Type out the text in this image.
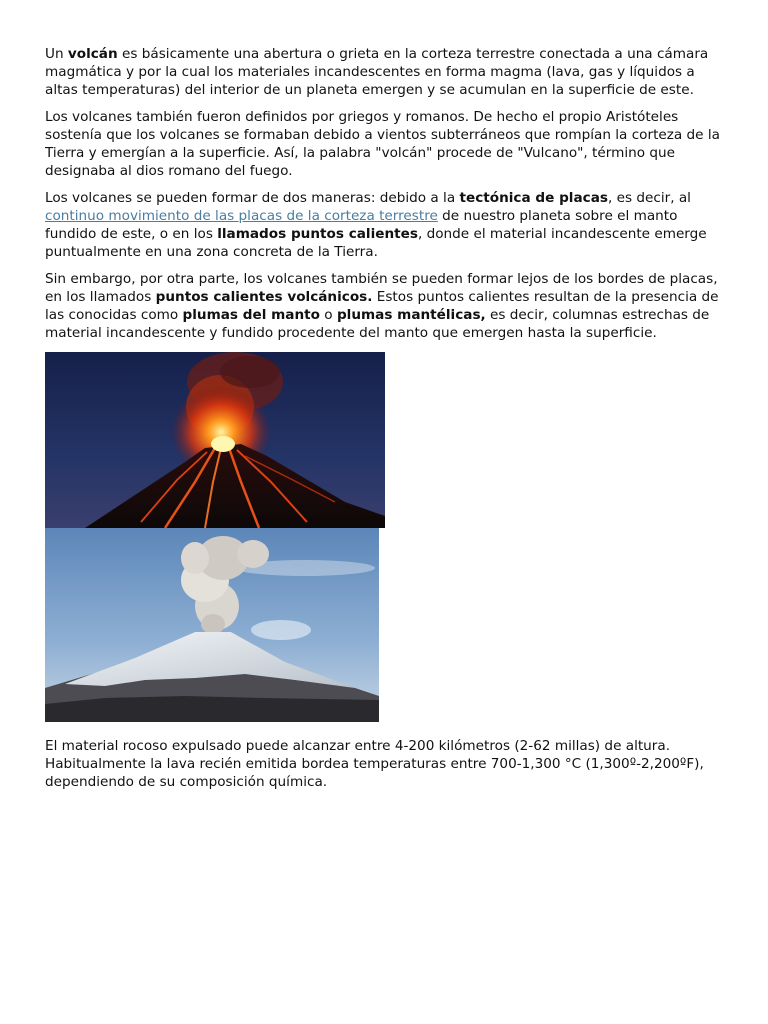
Un volcán es básicamente una abertura o grieta en la corteza terrestre conectada a una cámara magmática y por la cual los materiales incandescentes en forma magma (lava, gas y líquidos a altas temperaturas) del interior de un planeta emergen y se acumulan en la superficie de este.

Los volcanes también fueron definidos por griegos y romanos. De hecho el propio Aristóteles sostenía que los volcanes se formaban debido a vientos subterráneos que rompían la corteza de la Tierra y emergían a la superficie. Así, la palabra "volcán" procede de "Vulcano", término que designaba al dios romano del fuego.

Los volcanes se pueden formar de dos maneras: debido a la tectónica de placas, es decir, al continuo movimiento de las placas de la corteza terrestre de nuestro planeta sobre el manto fundido de este, o en los llamados puntos calientes, donde el material incandescente emerge puntualmente en una zona concreta de la Tierra.

Sin embargo, por otra parte, los volcanes también se pueden formar lejos de los bordes de placas, en los llamados puntos calientes volcánicos. Estos puntos calientes resultan de la presencia de las conocidas como plumas del manto o plumas mantélicas, es decir, columnas estrechas de material incandescente y fundido procedente del manto que emergen hasta la superficie.

El material rocoso expulsado puede alcanzar entre 4-200 kilómetros (2-62 millas) de altura. Habitualmente la lava recién emitida bordea temperaturas entre 700-1,300 °C (1,300º-2,200ºF), dependiendo de su composición química.
